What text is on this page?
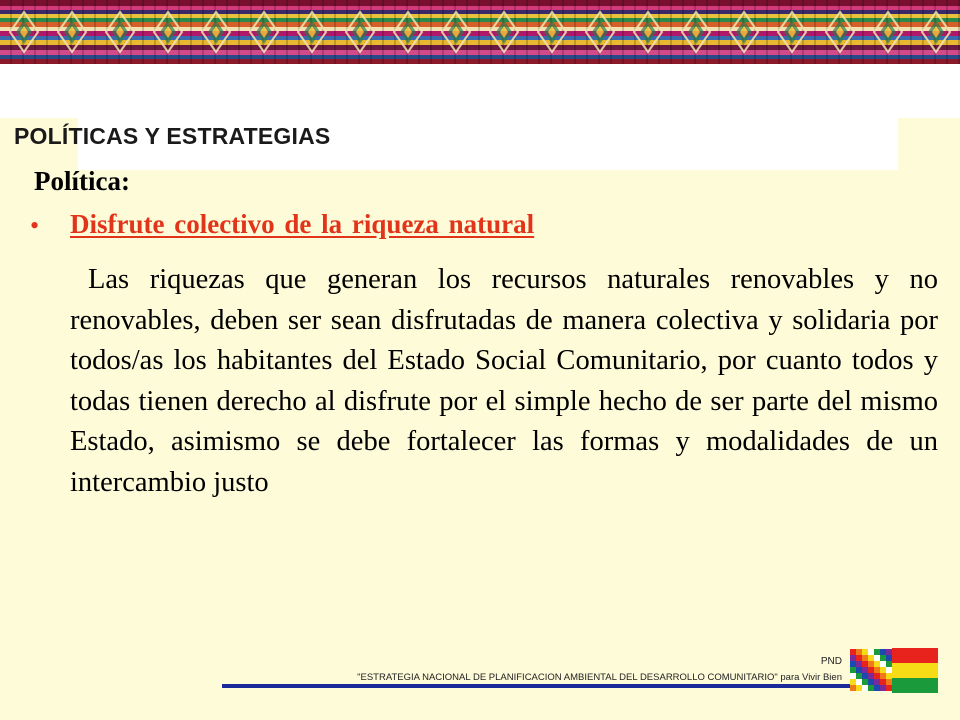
POLÍTICAS Y ESTRATEGIAS
Política:
• Disfrute colectivo de la riqueza natural

Las riquezas que generan los recursos naturales renovables y no renovables, deben ser sean disfrutadas de manera colectiva y solidaria por todos/as los habitantes del Estado Social Comunitario, por cuanto todos y todas tienen derecho al disfrute por el simple hecho de ser parte del mismo Estado, asimismo se debe fortalecer las formas y modalidades de un intercambio justo

PND
"ESTRATEGIA NACIONAL DE PLANIFICACION AMBIENTAL DEL DESARROLLO COMUNITARIO" para Vivir Bien
